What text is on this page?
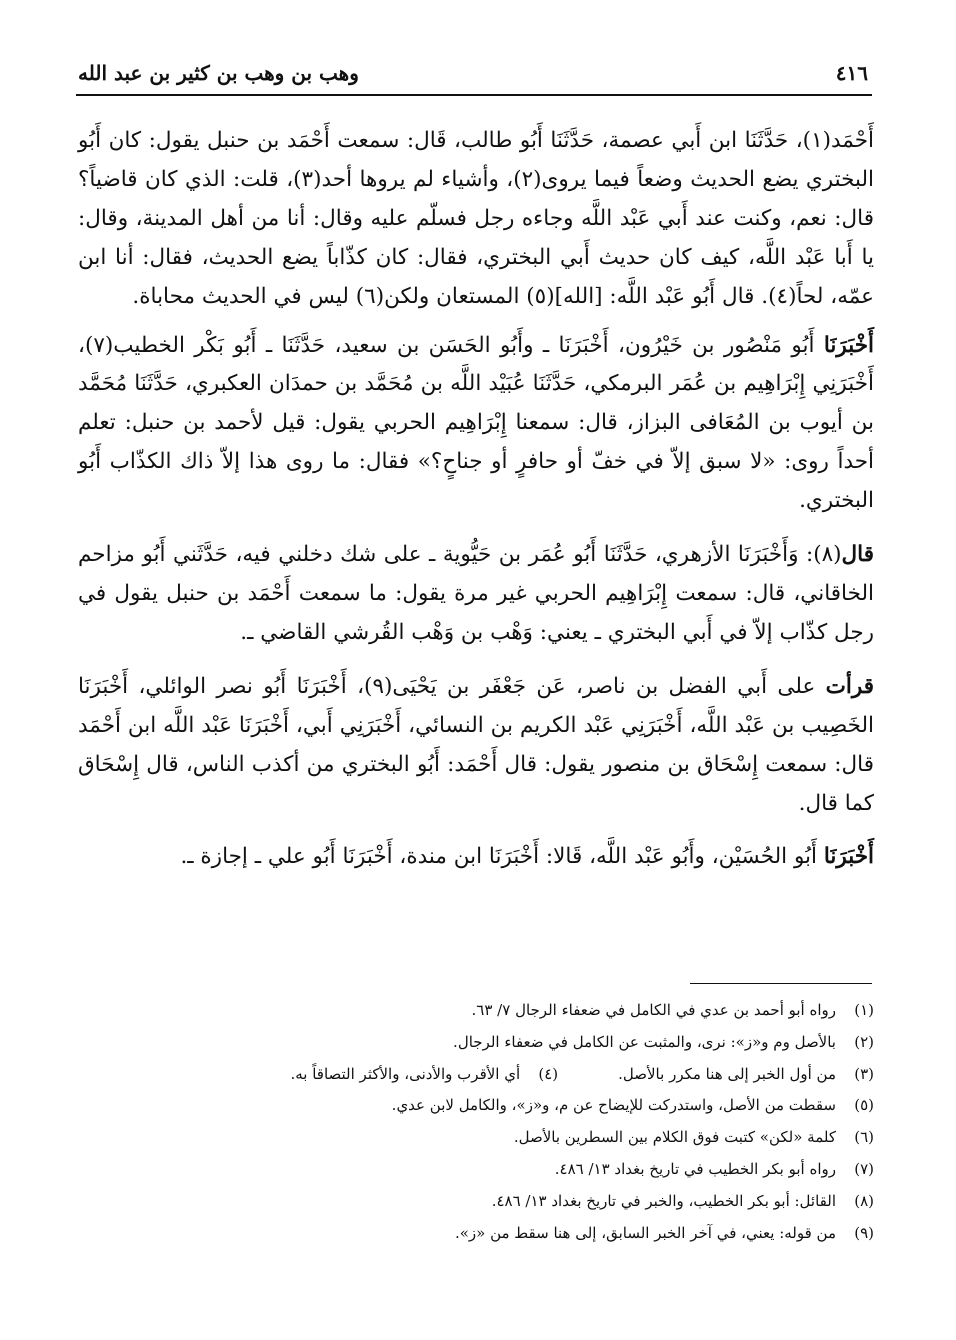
٤١٦
وهب بن وهب بن كثير بن عبد الله

أَحْمَد(١)، حَدَّثَنَا ابن أَبي عصمة، حَدَّثَنَا أَبُو طالب، قَال: سمعت أَحْمَد بن حنبل يقول: كان أَبُو البختري يضع الحديث وضعاً فيما يروى(٢)، وأشياء لم يروها أحد(٣)، قلت: الذي كان قاضياً؟ قال: نعم، وكنت عند أَبي عَبْد اللَّه وجاءه رجل فسلّم عليه وقال: أنا من أهل المدينة، وقال: يا أَبا عَبْد اللَّه، كيف كان حديث أَبي البختري، فقال: كان كذّاباً يضع الحديث، فقال: أنا ابن عمّه، لحاً(٤). قال أَبُو عَبْد اللَّه: [الله](٥) المستعان ولكن(٦) ليس في الحديث محاباة.

أَخْبَرَنَا أَبُو مَنْصُور بن خَيْرُون، أَخْبَرَنَا ـ وأَبُو الحَسَن بن سعيد، حَدَّثَنَا ـ أَبُو بَكْر الخطيب(٧)، أَخْبَرَنِي إِبْرَاهِيم بن عُمَر البرمكي، حَدَّثَنَا عُبَيْد اللَّه بن مُحَمَّد بن حمدَان العكبري، حَدَّثَنَا مُحَمَّد بن أيوب بن المُعَافى البزاز، قال: سمعنا إِبْرَاهِيم الحربي يقول: قيل لأحمد بن حنبل: تعلم أحداً روى: «لا سبق إلاّ في خفّ أو حافرٍ أو جناحٍ؟» فقال: ما روى هذا إلاّ ذاك الكذّاب أَبُو البختري.

قال(٨): وَأَخْبَرَنَا الأزهري، حَدَّثَنَا أَبُو عُمَر بن حَيُّوية ـ على شك دخلني فيه، حَدَّثَني أَبُو مزاحم الخاقاني، قال: سمعت إِبْرَاهِيم الحربي غير مرة يقول: ما سمعت أَحْمَد بن حنبل يقول في رجل كذّاب إلاّ في أَبي البختري ـ يعني: وَهْب بن وَهْب القُرشي القاضي ـ.

قرأت على أَبي الفضل بن ناصر، عَن جَعْفَر بن يَحْيَى(٩)، أَخْبَرَنَا أَبُو نصر الوائلي، أَخْبَرَنَا الخَصِيب بن عَبْد اللَّه، أَخْبَرَنِي عَبْد الكريم بن النسائي، أَخْبَرَنِي أَبي، أَخْبَرَنَا عَبْد اللَّه ابن أَحْمَد قال: سمعت إِسْحَاق بن منصور يقول: قال أَحْمَد: أَبُو البختري من أكذب الناس، قال إِسْحَاق كما قال.

أَخْبَرَنَا أَبُو الحُسَيْن، وأَبُو عَبْد اللَّه، قَالا: أَخْبَرَنَا ابن مندة، أَخْبَرَنَا أَبُو علي ـ إجازة ـ.

(١)رواه أبو أحمد بن عدي في الكامل في ضعفاء الرجال ٧/ ٦٣.
(٢)بالأصل وم و«ز»: نرى، والمثبت عن الكامل في ضعفاء الرجال.
(٣)من أول الخبر إلى هنا مكرر بالأصل.(٤)أي الأقرب والأدنى، والأكثر التصاقاً به.
(٥)سقطت من الأصل، واستدركت للإيضاح عن م، و«ز»، والكامل لابن عدي.
(٦)كلمة «لكن» كتبت فوق الكلام بين السطرين بالأصل.
(٧)رواه أبو بكر الخطيب في تاريخ بغداد ١٣/ ٤٨٦.
(٨)القائل: أبو بكر الخطيب، والخبر في تاريخ بغداد ١٣/ ٤٨٦.
(٩)من قوله: يعني، في آخر الخبر السابق، إلى هنا سقط من «ز».
